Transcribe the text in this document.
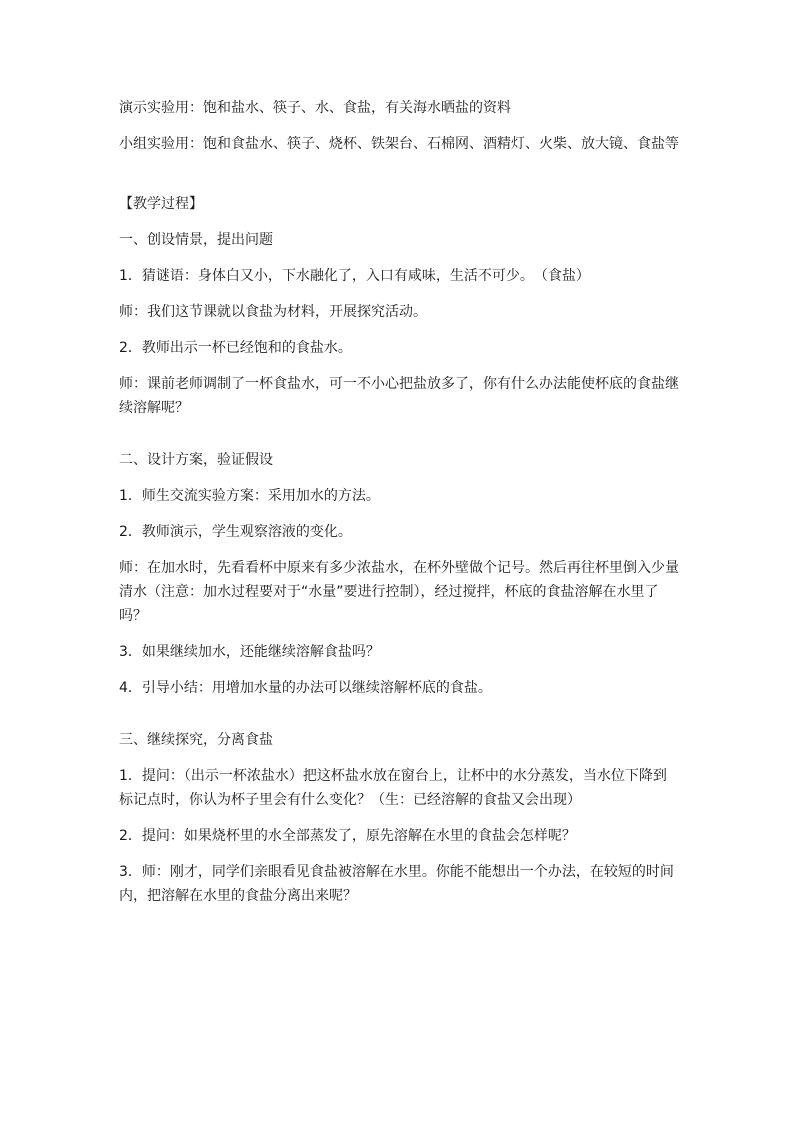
演示实验用：饱和盐水、筷子、水、食盐，有关海水晒盐的资料

小组实验用：饱和食盐水、筷子、烧杯、铁架台、石棉网、酒精灯、火柴、放大镜、食盐等

【教学过程】

一、创设情景，提出问题

1．猜谜语：身体白又小，下水融化了，入口有咸味，生活不可少。　（食盐）

师：我们这节课就以食盐为材料，开展探究活动。

2．教师出示一杯已经饱和的食盐水。

师：课前老师调制了一杯食盐水，可一不小心把盐放多了，你有什么办法能使杯底的食盐继续溶解呢？

二、设计方案，验证假设

1．师生交流实验方案：采用加水的方法。

2．教师演示，学生观察溶液的变化。

师：在加水时，先看看杯中原来有多少浓盐水，在杯外壁做个记号。然后再往杯里倒入少量清水（注意：加水过程要对于“水量”要进行控制），经过搅拌，杯底的食盐溶解在水里了吗？

3．如果继续加水，还能继续溶解食盐吗？

4．引导小结：用增加水量的办法可以继续溶解杯底的食盐。

三、继续探究，分离食盐

1．提问：（出示一杯浓盐水）把这杯盐水放在窗台上，让杯中的水分蒸发，当水位下降到标记点时，你认为杯子里会有什么变化？（生：已经溶解的食盐又会出现）

2．提问：如果烧杯里的水全部蒸发了，原先溶解在水里的食盐会怎样呢？

3．师：刚才，同学们亲眼看见食盐被溶解在水里。你能不能想出一个办法，在较短的时间内，把溶解在水里的食盐分离出来呢？
